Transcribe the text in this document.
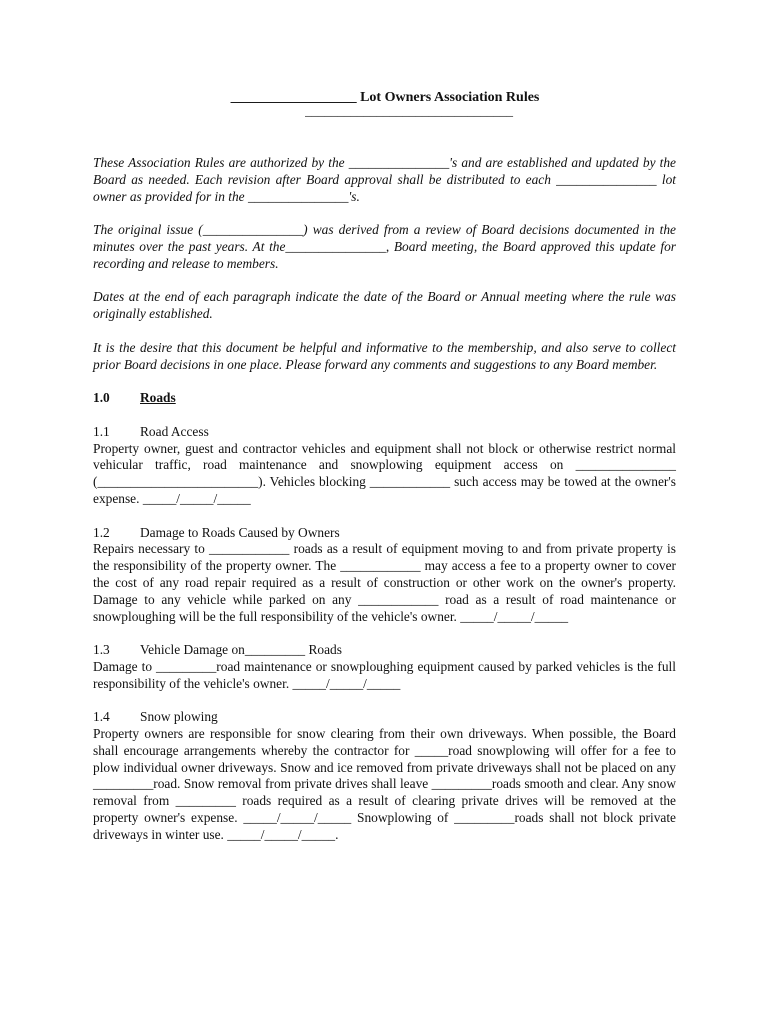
__________________ Lot Owners Association Rules
________________________________

These Association Rules are authorized by the _______________'s and are established and updated by the Board as needed. Each revision after Board approval shall be distributed to each _______________ lot owner as provided for in the _______________'s.

The original issue (_______________) was derived from a review of Board decisions documented in the minutes over the past years. At the_______________, Board meeting, the Board approved this update for recording and release to members.

Dates at the end of each paragraph indicate the date of the Board or Annual meeting where the rule was originally established.

It is the desire that this document be helpful and informative to the membership, and also serve to collect prior Board decisions in one place. Please forward any comments and suggestions to any Board member.

1.0 Roads
1.1 Road Access

Property owner, guest and contractor vehicles and equipment shall not block or otherwise restrict normal vehicular traffic, road maintenance and snowplowing equipment access on _______________ (________________________). Vehicles blocking ____________ such access may be towed at the owner's expense. _____/_____/_____

1.2 Damage to Roads Caused by Owners

Repairs necessary to ____________ roads as a result of equipment moving to and from private property is the responsibility of the property owner. The ____________ may access a fee to a property owner to cover the cost of any road repair required as a result of construction or other work on the owner's property. Damage to any vehicle while parked on any ____________ road as a result of road maintenance or snowploughing will be the full responsibility of the vehicle's owner. _____/_____/_____

1.3 Vehicle Damage on_________ Roads

Damage to _________road maintenance or snowploughing equipment caused by parked vehicles is the full responsibility of the vehicle's owner. _____/_____/_____

1.4 Snow plowing

Property owners are responsible for snow clearing from their own driveways. When possible, the Board shall encourage arrangements whereby the contractor for _____road snowplowing will offer for a fee to plow individual owner driveways. Snow and ice removed from private driveways shall not be placed on any _________road. Snow removal from private drives shall leave _________roads smooth and clear. Any snow removal from _________ roads required as a result of clearing private drives will be removed at the property owner's expense. _____/_____/_____ Snowplowing of _________roads shall not block private driveways in winter use. _____/_____/_____.
